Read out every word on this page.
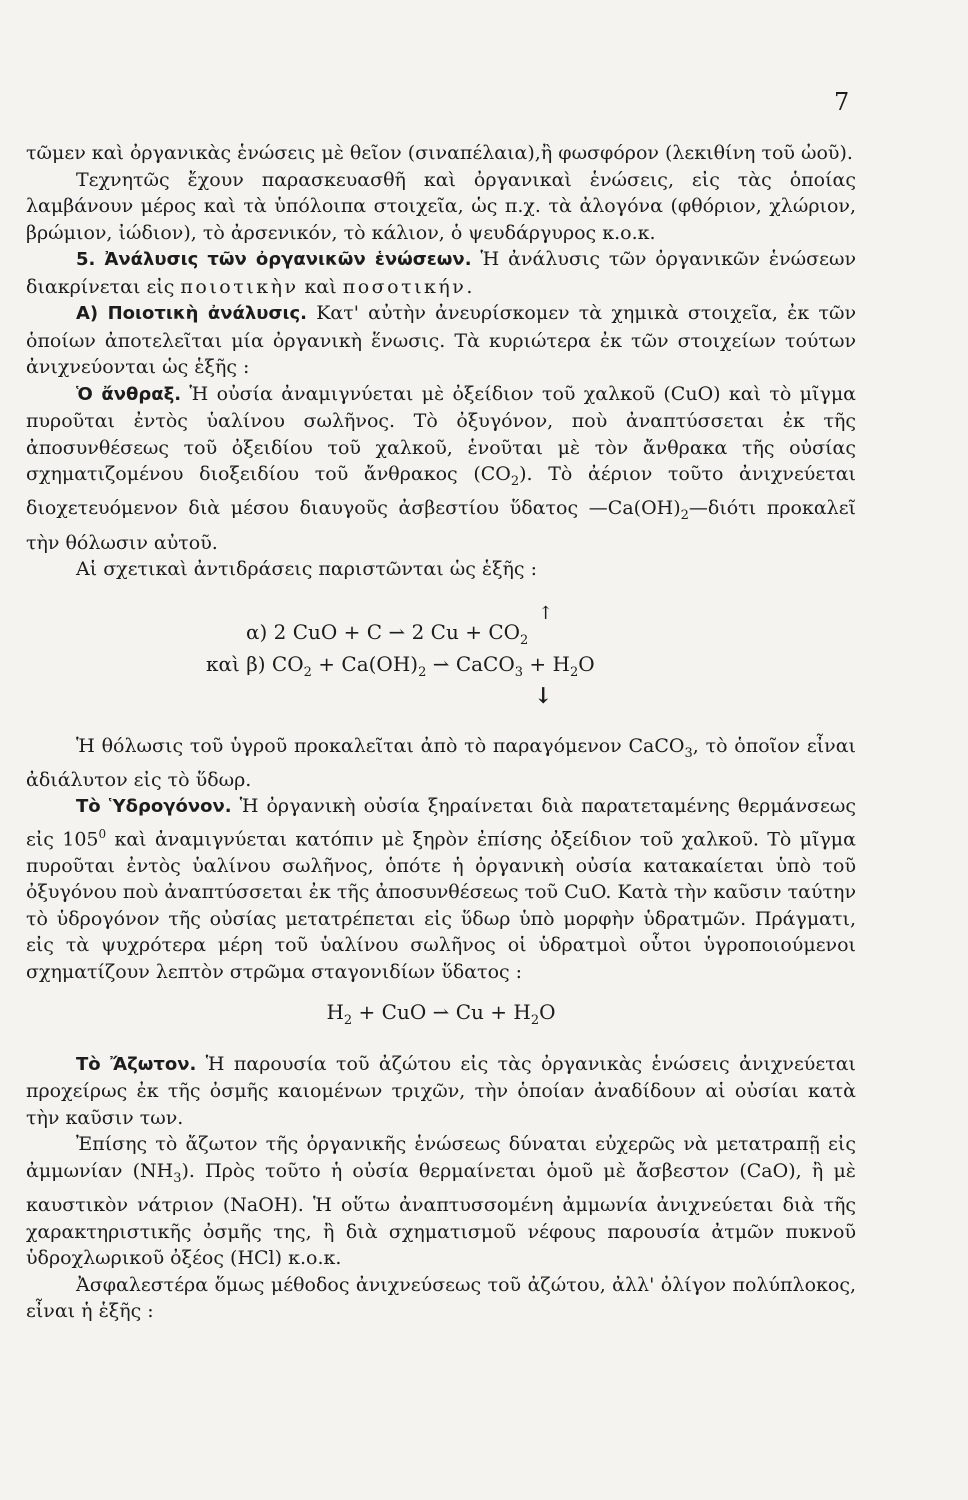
7

τῶμεν καὶ ὀργανικὰς ἑνώσεις μὲ θεῖον (σιναπέλαια),ἢ φωσφόρον (λεκιθίνη τοῦ ὠοῦ).

Τεχνητῶς ἔχουν παρασκευασθῆ καὶ ὀργανικαὶ ἑνώσεις, εἰς τὰς ὁποίας λαμβάνουν μέρος καὶ τὰ ὑπόλοιπα στοιχεῖα, ὡς π.χ. τὰ ἀλογόνα (φθόριον, χλώριον, βρώμιον, ἰώδιον), τὸ ἀρσενικόν, τὸ κάλιον, ὁ ψευδάργυρος κ.ο.κ.

5. Ἀνάλυσις τῶν ὀργανικῶν ἑνώσεων. Ἡ ἀνάλυσις τῶν ὀργανικῶν ἑνώσεων διακρίνεται εἰς ποιοτικὴν καὶ ποσοτικήν.

Α) Ποιοτικὴ ἀνάλυσις. Κατ' αὐτὴν ἀνευρίσκομεν τὰ χημικὰ στοιχεῖα, ἐκ τῶν ὁποίων ἀποτελεῖται μία ὀργανικὴ ἕνωσις. Τὰ κυριώτερα ἐκ τῶν στοιχείων τούτων ἀνιχνεύονται ὡς ἑξῆς :

Ὁ ἄνθραξ. Ἡ οὐσία ἀναμιγνύεται μὲ ὀξείδιον τοῦ χαλκοῦ (CuO) καὶ τὸ μῖγμα πυροῦται ἐντὸς ὑαλίνου σωλῆνος. Τὸ ὀξυγόνον, ποὺ ἀναπτύσσεται ἐκ τῆς ἀποσυνθέσεως τοῦ ὀξειδίου τοῦ χαλκοῦ, ἑνοῦται μὲ τὸν ἄνθρακα τῆς οὐσίας σχηματιζομένου διοξειδίου τοῦ ἄνθρακος $(CO_2)$. Τὸ ἀέριον τοῦτο ἀνιχνεύεται διοχετευόμενον διὰ μέσου διαυγοῦς ἀσβεστίου ὕδατος $—Ca(OH)_2—\delta\iota ό\tau\iota$ προκαλεῖ τὴν θόλωσιν αὐτοῦ.

Αἱ σχετικαὶ ἀντιδράσεις παριστῶνται ὡς ἑξῆς :

↑
α) 2 CuO + C ⇀ 2 $Cu + CO_2$
καὶ β) $CO_2 + Ca(OH)_2$ ⇀ CaCO$_3$ + $H_2O$
↓

Ἡ θόλωσις τοῦ ὑγροῦ προκαλεῖται ἀπὸ τὸ παραγόμενον CaCO$_3$, τὸ ὁποῖον εἶναι ἀδιάλυτον εἰς τὸ ὕδωρ.

Τὸ Ὑδρογόνον. Ἡ ὀργανικὴ οὐσία ξηραίνεται διὰ παρατεταμένης θερμάνσεως εἰς $105^0$ καὶ ἀναμιγνύεται κατόπιν μὲ ξηρὸν ἐπίσης ὀξείδιον τοῦ χαλκοῦ. Τὸ μῖγμα πυροῦται ἐντὸς ὑαλίνου σωλῆνος, ὁπότε ἡ ὀργανικὴ οὐσία κατακαίεται ὑπὸ τοῦ ὀξυγόνου ποὺ ἀναπτύσσεται ἐκ τῆς ἀποσυνθέσεως τοῦ CuO. Κατὰ τὴν καῦσιν ταύτην τὸ ὑδρογόνον τῆς οὐσίας μετατρέπεται εἰς ὕδωρ ὑπὸ μορφὴν ὑδρατμῶν. Πράγματι, εἰς τὰ ψυχρότερα μέρη τοῦ ὑαλίνου σωλῆνος οἱ ὑδρατμοὶ οὗτοι ὑγροποιούμενοι σχηματίζουν λεπτὸν στρῶμα σταγονιδίων ὕδατος :

$H_2$ + CuO ⇀ $Cu + H_2O$

Τὸ Ἄζωτον. Ἡ παρουσία τοῦ ἀζώτου εἰς τὰς ὀργανικὰς ἑνώσεις ἀνιχνεύεται προχείρως ἐκ τῆς ὀσμῆς καιομένων τριχῶν, τὴν ὁποίαν ἀναδίδουν αἱ οὐσίαι κατὰ τὴν καῦσιν των.

Ἐπίσης τὸ ἄζωτον τῆς ὀργανικῆς ἑνώσεως δύναται εὐχερῶς νὰ μετατραπῇ εἰς ἀμμωνίαν $(NH_3)$. Πρὸς τοῦτο ἡ οὐσία θερμαίνεται ὁμοῦ μὲ ἄσβεστον (CaO), ἢ μὲ καυστικὸν νάτριον (NaOH). Ἡ οὕτω ἀναπτυσσομένη ἀμμωνία ἀνιχνεύεται διὰ τῆς χαρακτηριστικῆς ὀσμῆς της, ἢ διὰ σχηματισμοῦ νέφους παρουσία ἀτμῶν πυκνοῦ ὑδροχλωρικοῦ ὀξέος (HCl) κ.ο.κ.

Ἀσφαλεστέρα ὅμως μέθοδος ἀνιχνεύσεως τοῦ ἀζώτου, ἀλλ' ὀλίγον πολύπλοκος, εἶναι ἡ ἑξῆς :
